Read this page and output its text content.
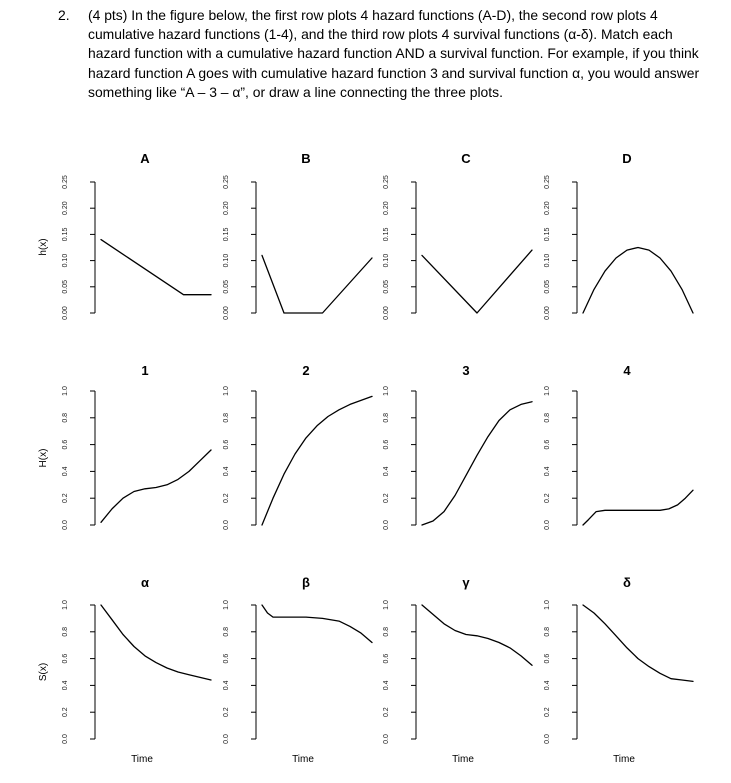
2. (4 pts) In the figure below, the first row plots 4 hazard functions (A-D), the second row plots 4 cumulative hazard functions (1-4), and the third row plots 4 survival functions (α-δ). Match each hazard function with a cumulative hazard function AND a survival function. For example, if you think hazard function A goes with cumulative hazard function 3 and survival function α, you would answer something like “A – 3 – α”, or draw a line connecting the three plots.
h(x)
A
0.00
0.05
0.10
0.15
0.20
0.25
B
0.00
0.05
0.10
0.15
0.20
0.25
C
0.00
0.05
0.10
0.15
0.20
0.25
D
0.00
0.05
0.10
0.15
0.20
0.25
H(x)
1
0.0
0.2
0.4
0.6
0.8
1.0
2
0.0
0.2
0.4
0.6
0.8
1.0
3
0.0
0.2
0.4
0.6
0.8
1.0
4
0.0
0.2
0.4
0.6
0.8
1.0
S(x)
α
0.0
0.2
0.4
0.6
0.8
1.0
Time
β
0.0
0.2
0.4
0.6
0.8
1.0
Time
γ
0.0
0.2
0.4
0.6
0.8
1.0
Time
δ
0.0
0.2
0.4
0.6
0.8
1.0
Time
